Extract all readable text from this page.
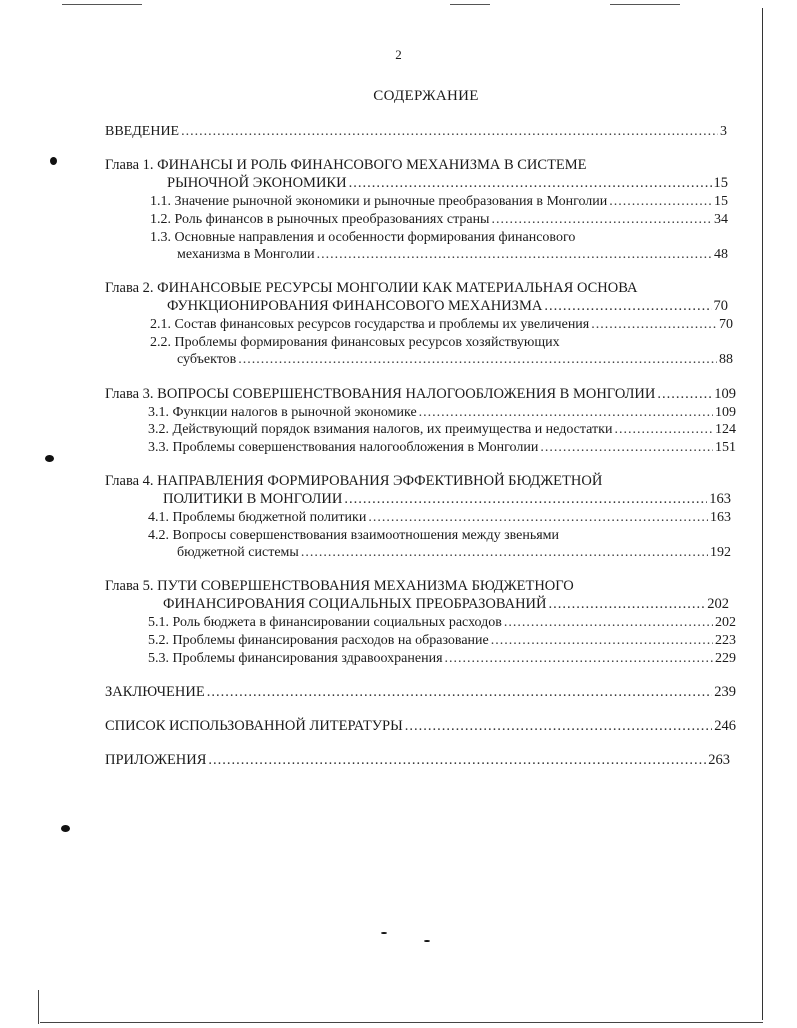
2
СОДЕРЖАНИЕ
ВВЕДЕНИЕ .....	3
Глава 1. ФИНАНСЫ И РОЛЬ ФИНАНСОВОГО МЕХАНИЗМА В СИСТЕМЕ
РЫНОЧНОЙ ЭКОНОМИКИ .....	15
1.1. Значение рыночной экономики и рыночные преобразования в Монголии .....	15
1.2. Роль финансов в рыночных преобразованиях страны .....	34
1.3. Основные направления и особенности формирования финансового
механизма в Монголии .....	48
Глава 2. ФИНАНСОВЫЕ РЕСУРСЫ МОНГОЛИИ КАК МАТЕРИАЛЬНАЯ ОСНОВА
ФУНКЦИОНИРОВАНИЯ ФИНАНСОВОГО МЕХАНИЗМА .....	70
2.1. Состав финансовых ресурсов государства и проблемы их увеличения .....	70
2.2. Проблемы формирования финансовых ресурсов хозяйствующих
субъектов .....	88
Глава 3. ВОПРОСЫ СОВЕРШЕНСТВОВАНИЯ НАЛОГООБЛОЖЕНИЯ В МОНГОЛИИ .....	109
3.1. Функции налогов в рыночной экономике .....	109
3.2. Действующий порядок взимания налогов, их преимущества и недостатки .....	124
3.3. Проблемы совершенствования налогообложения в Монголии .....	151
Глава 4. НАПРАВЛЕНИЯ ФОРМИРОВАНИЯ ЭФФЕКТИВНОЙ БЮДЖЕТНОЙ
ПОЛИТИКИ В МОНГОЛИИ .....	163
4.1. Проблемы бюджетной политики .....	163
4.2. Вопросы совершенствования взаимоотношения между звеньями
бюджетной системы .....	192
Глава 5. ПУТИ СОВЕРШЕНСТВОВАНИЯ МЕХАНИЗМА БЮДЖЕТНОГО
ФИНАНСИРОВАНИЯ СОЦИАЛЬНЫХ ПРЕОБРАЗОВАНИЙ .....	202
5.1. Роль бюджета в финансировании социальных расходов .....	202
5.2. Проблемы финансирования расходов на образование .....	223
5.3. Проблемы финансирования здравоохранения .....	229
ЗАКЛЮЧЕНИЕ .....	239
СПИСОК ИСПОЛЬЗОВАННОЙ ЛИТЕРАТУРЫ .....	246
ПРИЛОЖЕНИЯ .....	263
